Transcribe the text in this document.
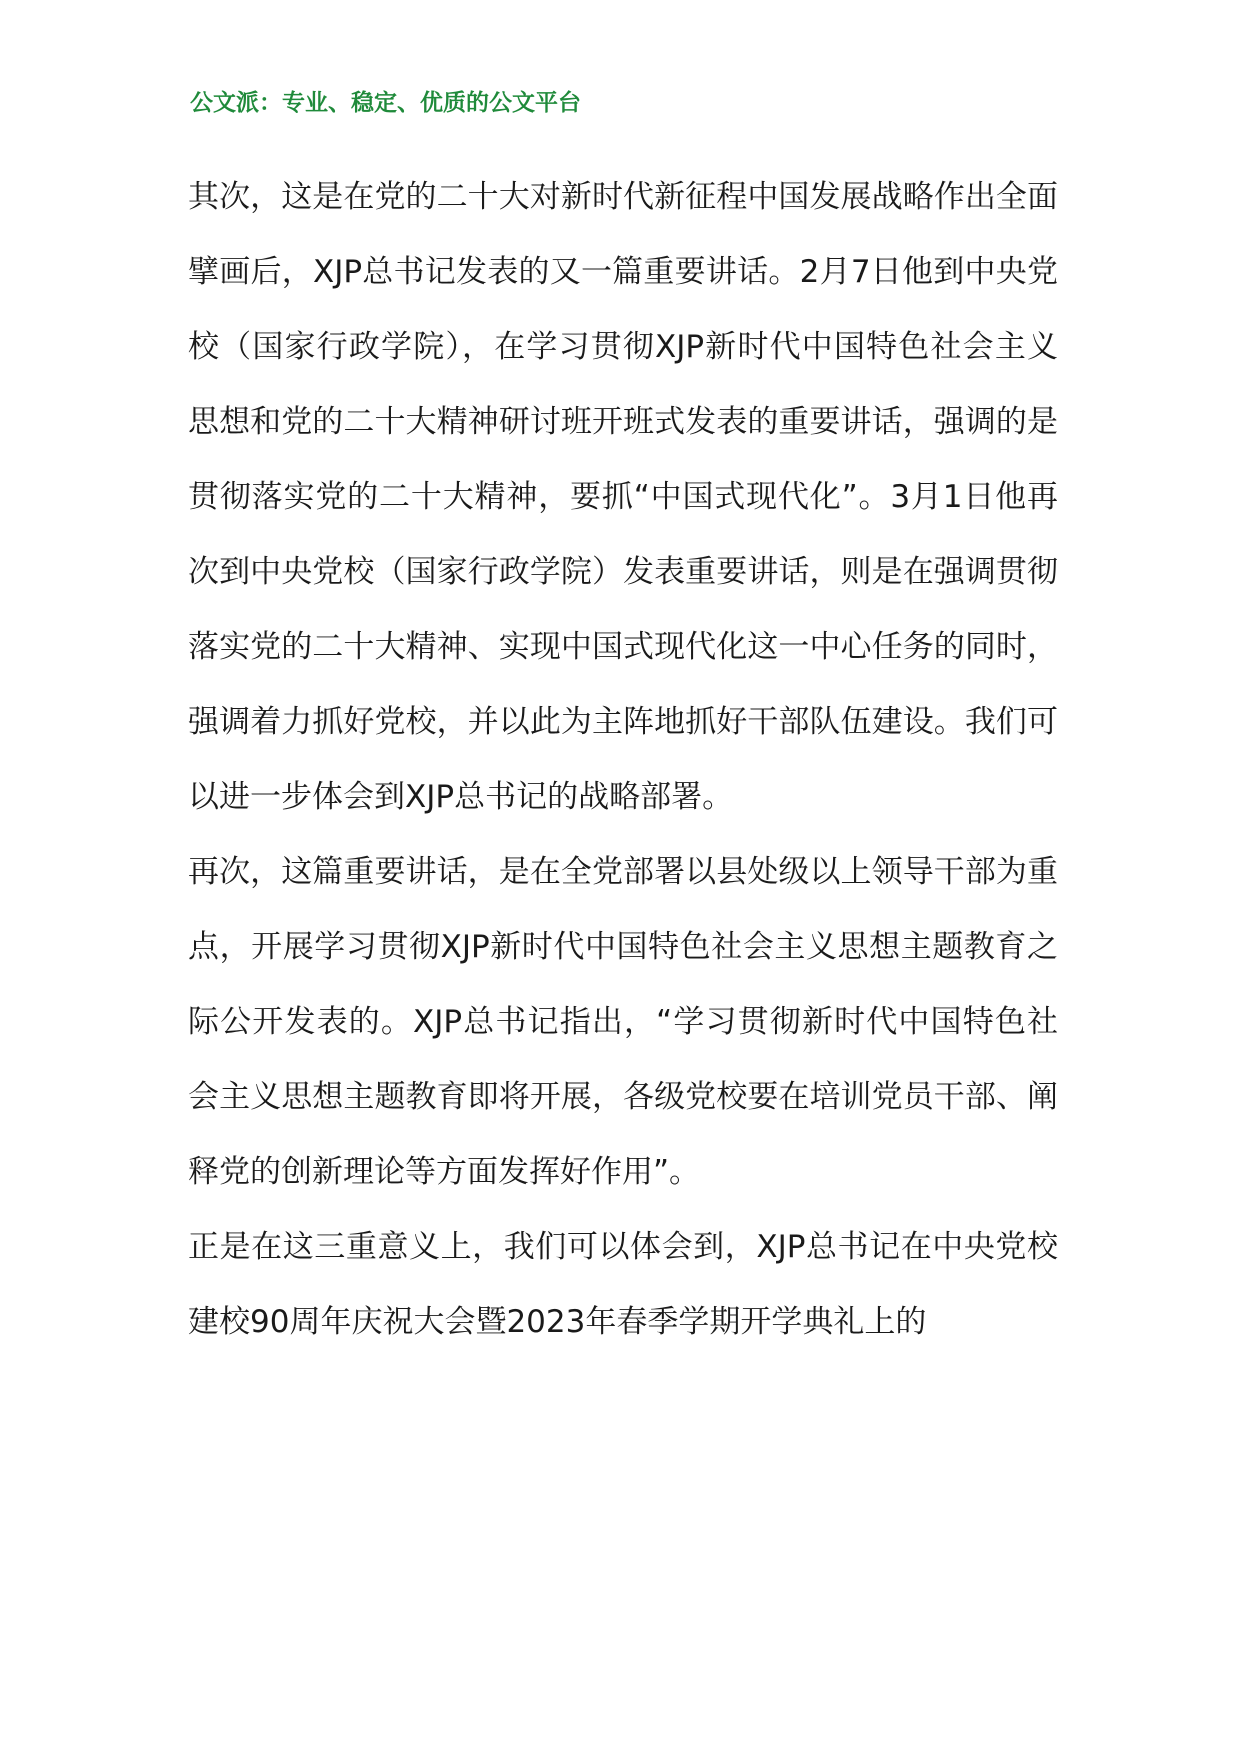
公文派：专业、稳定、优质的公文平台

其次，这是在党的二十大对新时代新征程中国发展战略作出全面擘画后，XJP总书记发表的又一篇重要讲话。2月7日他到中央党校（国家行政学院），在学习贯彻XJP新时代中国特色社会主义思想和党的二十大精神研讨班开班式发表的重要讲话，强调的是贯彻落实党的二十大精神，要抓“中国式现代化”。3月1日他再次到中央党校（国家行政学院）发表重要讲话，则是在强调贯彻落实党的二十大精神、实现中国式现代化这一中心任务的同时，强调着力抓好党校，并以此为主阵地抓好干部队伍建设。我们可以进一步体会到XJP总书记的战略部署。

再次，这篇重要讲话，是在全党部署以县处级以上领导干部为重点，开展学习贯彻XJP新时代中国特色社会主义思想主题教育之际公开发表的。XJP总书记指出，“学习贯彻新时代中国特色社会主义思想主题教育即将开展，各级党校要在培训党员干部、阐释党的创新理论等方面发挥好作用”。

正是在这三重意义上，我们可以体会到，XJP总书记在中央党校建校90周年庆祝大会暨2023年春季学期开学典礼上的
